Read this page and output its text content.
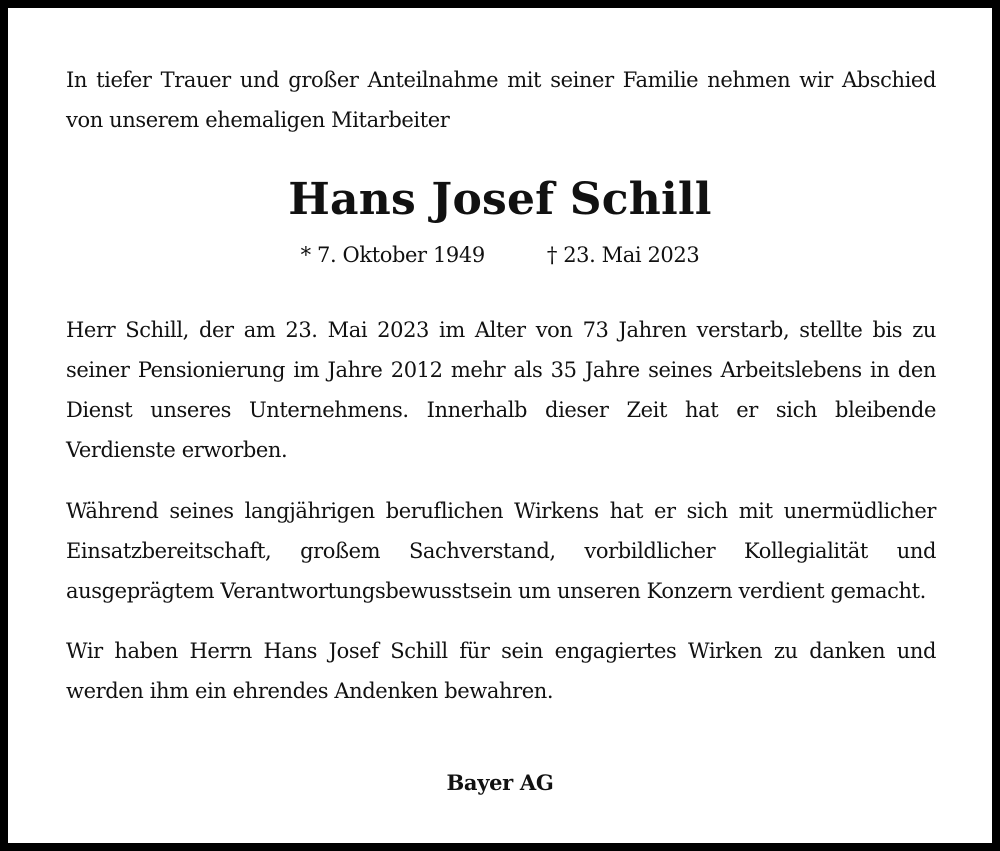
In tiefer Trauer und großer Anteilnahme mit seiner Familie nehmen wir Abschied von unserem ehemaligen Mitarbeiter

Hans Josef Schill
* 7. Oktober 1949	† 23. Mai 2023

Herr Schill, der am 23. Mai 2023 im Alter von 73 Jahren verstarb, stellte bis zu seiner Pensionierung im Jahre 2012 mehr als 35 Jahre seines Arbeitslebens in den Dienst unseres Unternehmens. Innerhalb dieser Zeit hat er sich bleibende Verdienste erworben.

Während seines langjährigen beruflichen Wirkens hat er sich mit unermüdlicher Einsatzbereitschaft, großem Sachverstand, vorbildlicher Kollegialität und ausgeprägtem Verantwortungsbewusstsein um unseren Konzern verdient gemacht.

Wir haben Herrn Hans Josef Schill für sein engagiertes Wirken zu danken und werden ihm ein ehrendes Andenken bewahren.

Bayer AG
